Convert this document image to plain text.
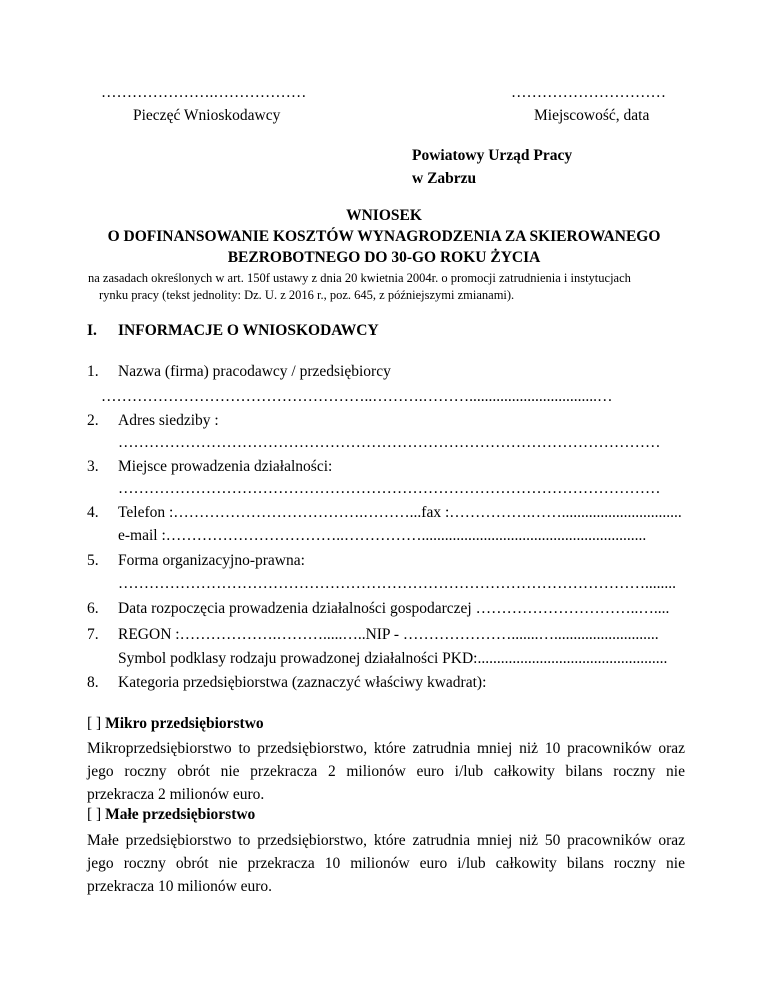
………………….………………
Pieczęć Wnioskodawcy
…………………………
Miejscowość, data
Powiatowy Urząd Pracy
w Zabrzu
WNIOSEK
O DOFINANSOWANIE KOSZTÓW WYNAGRODZENIA ZA SKIEROWANEGO
BEZROBOTNEGO DO 30-GO ROKU ŻYCIA
na zasadach określonych w art. 150f ustawy z dnia 20 kwietnia 2004r. o promocji zatrudnienia i instytucjach
rynku pracy (tekst jednolity: Dz. U. z 2016 r., poz. 645, z późniejszymi zmianami).
I. INFORMACJE O WNIOSKODAWCY
1. Nazwa (firma) pracodawcy / przedsiębiorcy
……………………………………………..……….……….................................…
2. Adres siedziby :
……………………………………………………………………………………………
3. Miejsce prowadzenia działalności:
……………………………………………………………………………………………
4. Telefon :……………………………….………...fax :…………….……...............................
e-mail :……………………………..……………..........................................................
5. Forma organizacyjno-prawna:
…………………………………………………………………………………………........
6. Data rozpoczęcia prowadzenia działalności gospodarczej …………………………..…....
7. REGON :……………….……….....…..NIP - ………………….......…...........................
Symbol podklasy rodzaju prowadzonej działalności PKD:.................................................
8. Kategoria przedsiębiorstwa (zaznaczyć właściwy kwadrat):
[ ] Mikro przedsiębiorstwo
Mikroprzedsiębiorstwo to przedsiębiorstwo, które zatrudnia mniej niż 10 pracowników oraz
jego roczny obrót nie przekracza 2 milionów euro i/lub całkowity bilans roczny nie
przekracza 2 milionów euro.
[ ] Małe przedsiębiorstwo
Małe przedsiębiorstwo to przedsiębiorstwo, które zatrudnia mniej niż 50 pracowników oraz
jego roczny obrót nie przekracza 10 milionów euro i/lub całkowity bilans roczny nie
przekracza 10 milionów euro.
